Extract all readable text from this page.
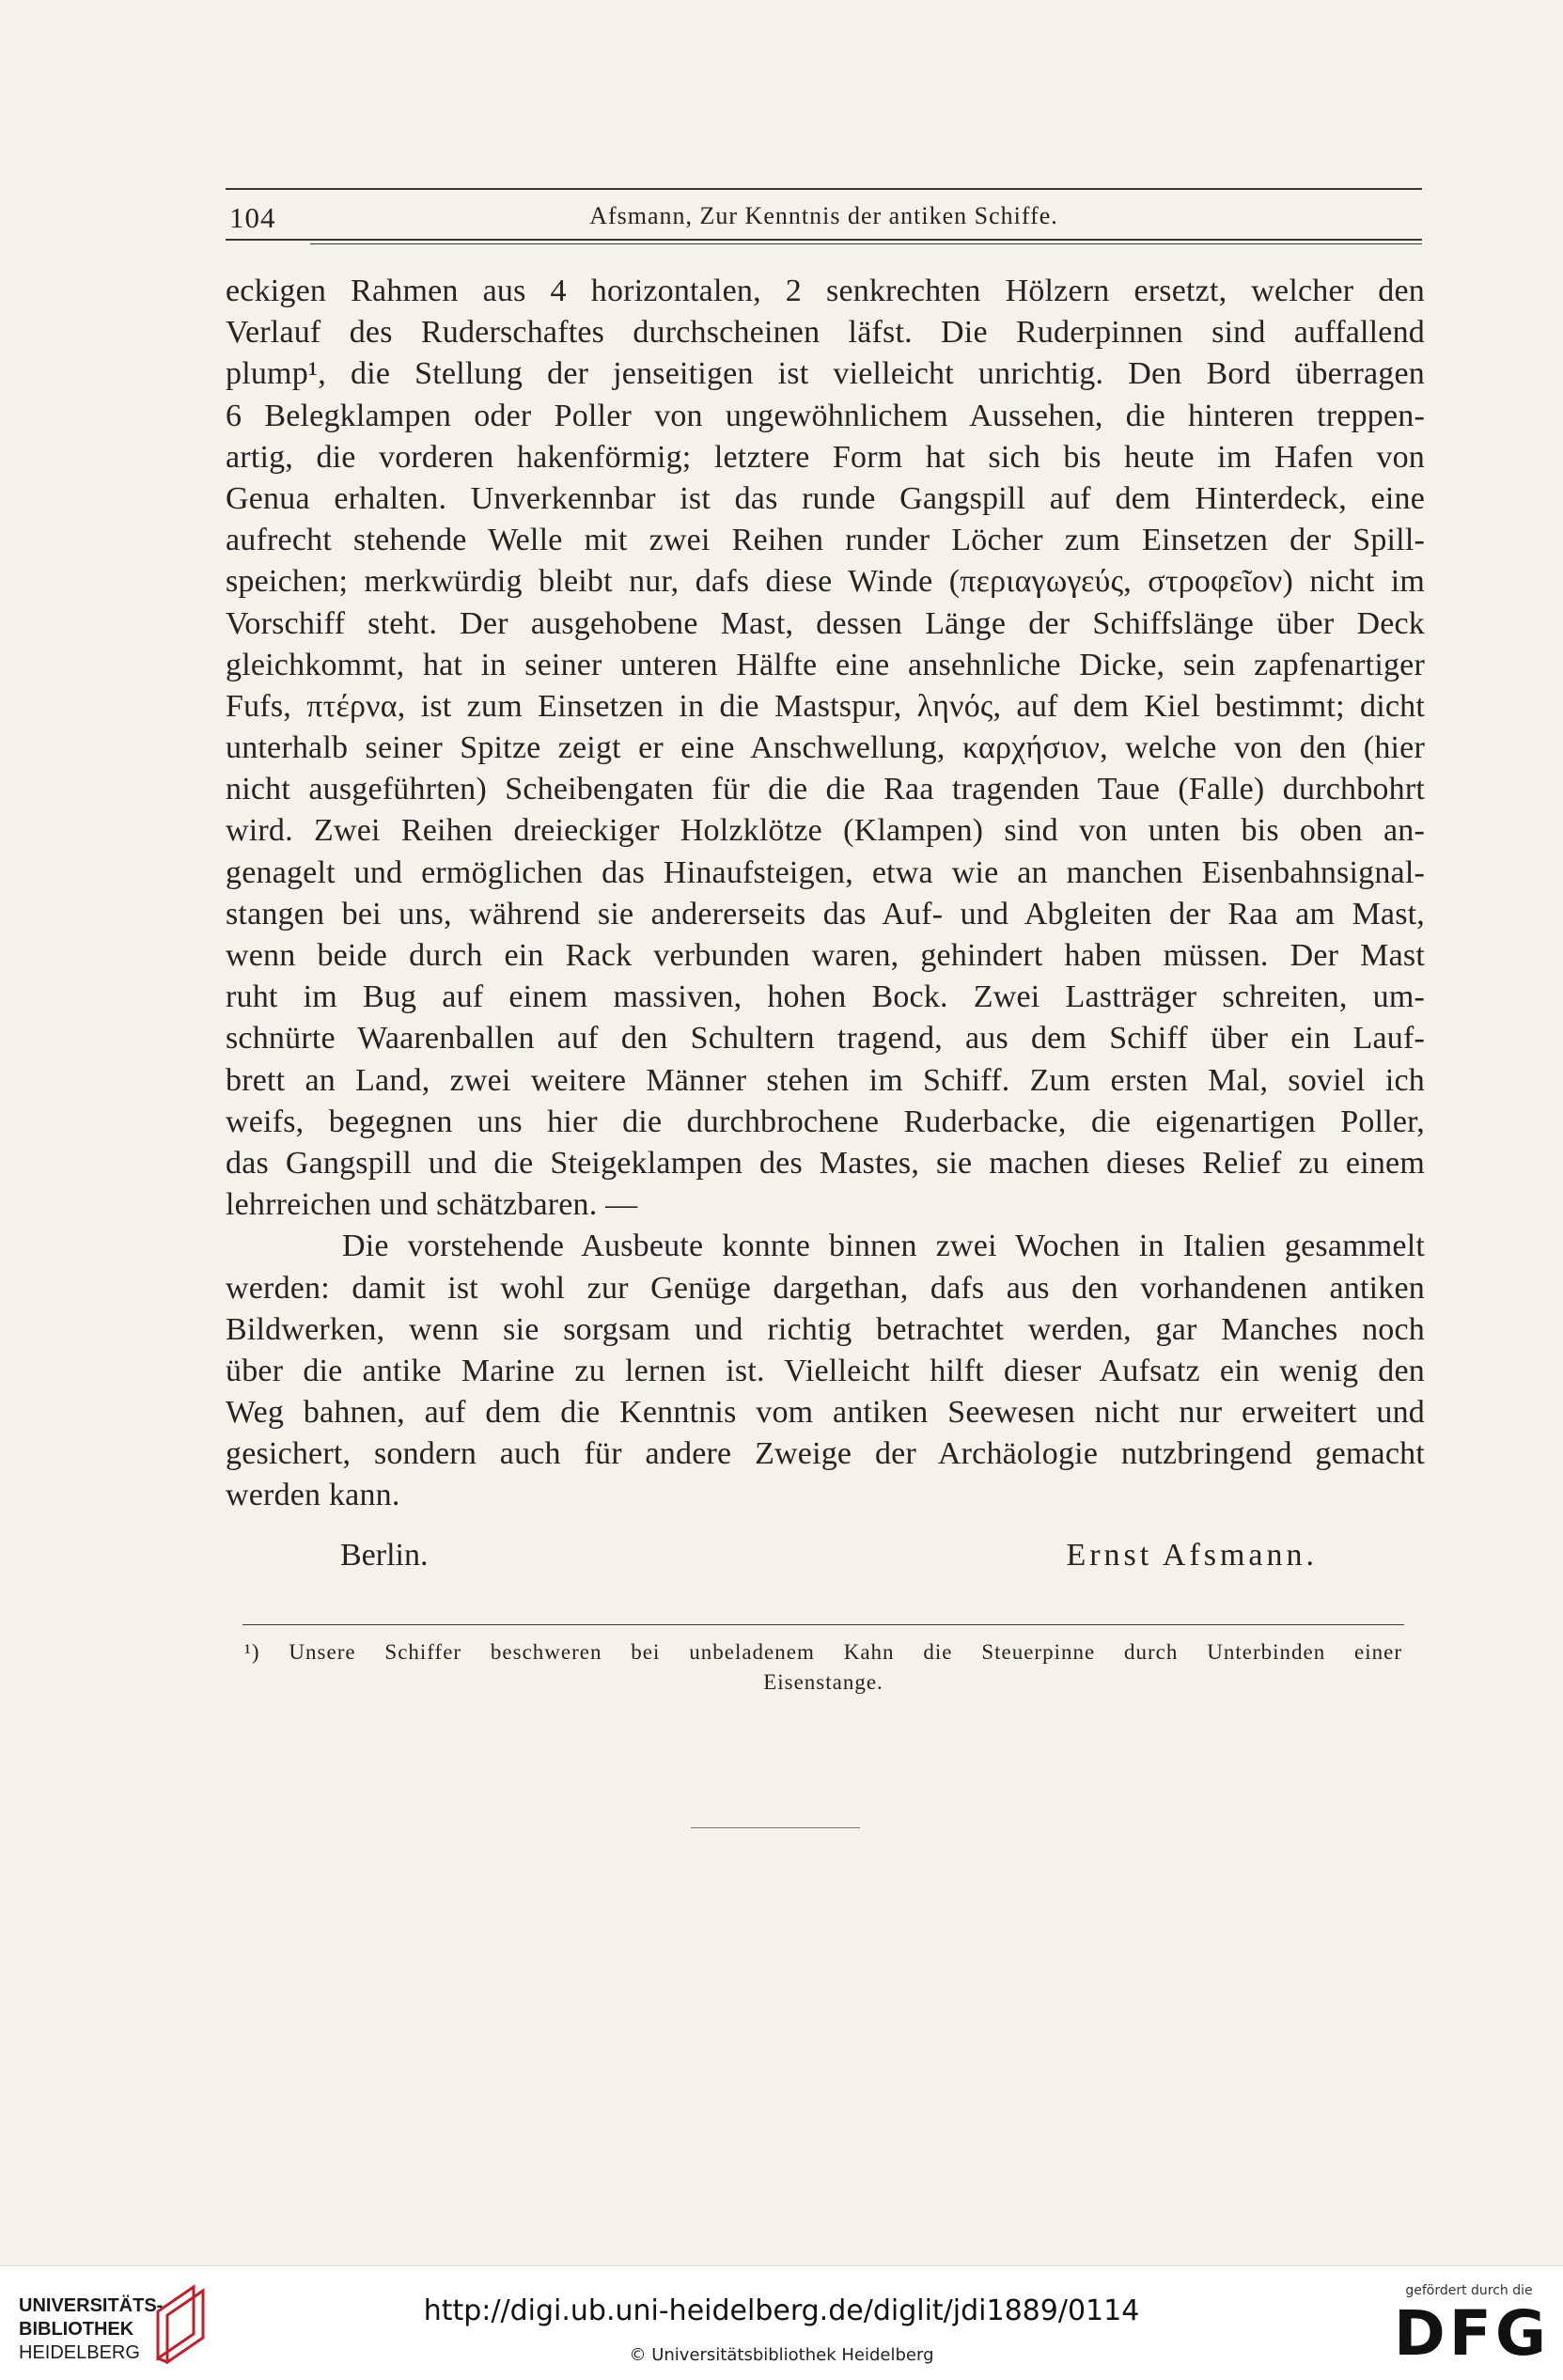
104	Afsmann, Zur Kenntnis der antiken Schiffe.
eckigen Rahmen aus 4 horizontalen, 2 senkrechten Hölzern ersetzt, welcher den
Verlauf des Ruderschaftes durchscheinen läfst. Die Ruderpinnen sind auffallend
plump¹, die Stellung der jenseitigen ist vielleicht unrichtig. Den Bord überragen
6 Belegklampen oder Poller von ungewöhnlichem Aussehen, die hinteren treppen-
artig, die vorderen hakenförmig; letztere Form hat sich bis heute im Hafen von
Genua erhalten. Unverkennbar ist das runde Gangspill auf dem Hinterdeck, eine
aufrecht stehende Welle mit zwei Reihen runder Löcher zum Einsetzen der Spill-
speichen; merkwürdig bleibt nur, dafs diese Winde (περιαγωγεύς, στροφεῖον) nicht im
Vorschiff steht. Der ausgehobene Mast, dessen Länge der Schiffslänge über Deck
gleichkommt, hat in seiner unteren Hälfte eine ansehnliche Dicke, sein zapfenartiger
Fufs, πτέρνα, ist zum Einsetzen in die Mastspur, ληνός, auf dem Kiel bestimmt; dicht
unterhalb seiner Spitze zeigt er eine Anschwellung, καρχήσιον, welche von den (hier
nicht ausgeführten) Scheibengaten für die die Raa tragenden Taue (Falle) durchbohrt
wird. Zwei Reihen dreieckiger Holzklötze (Klampen) sind von unten bis oben an-
genagelt und ermöglichen das Hinaufsteigen, etwa wie an manchen Eisenbahnsignal-
stangen bei uns, während sie andererseits das Auf- und Abgleiten der Raa am Mast,
wenn beide durch ein Rack verbunden waren, gehindert haben müssen. Der Mast
ruht im Bug auf einem massiven, hohen Bock. Zwei Lastträger schreiten, um-
schnürte Waarenballen auf den Schultern tragend, aus dem Schiff über ein Lauf-
brett an Land, zwei weitere Männer stehen im Schiff. Zum ersten Mal, soviel ich
weifs, begegnen uns hier die durchbrochene Ruderbacke, die eigenartigen Poller,
das Gangspill und die Steigeklampen des Mastes, sie machen dieses Relief zu einem
lehrreichen und schätzbaren. —
Die vorstehende Ausbeute konnte binnen zwei Wochen in Italien gesammelt
werden: damit ist wohl zur Genüge dargethan, dafs aus den vorhandenen antiken
Bildwerken, wenn sie sorgsam und richtig betrachtet werden, gar Manches noch
über die antike Marine zu lernen ist. Vielleicht hilft dieser Aufsatz ein wenig den
Weg bahnen, auf dem die Kenntnis vom antiken Seewesen nicht nur erweitert und
gesichert, sondern auch für andere Zweige der Archäologie nutzbringend gemacht
werden kann.
Berlin.	Ernst Afsmann.
¹) Unsere Schiffer beschweren bei unbeladenem Kahn die Steuerpinne durch Unterbinden einer
Eisenstange.
UNIVERSITÄTS-
BIBLIOTHEK
HEIDELBERG
http://digi.ub.uni-heidelberg.de/diglit/jdi1889/0114
© Universitätsbibliothek Heidelberg
gefördert durch die
DFG
